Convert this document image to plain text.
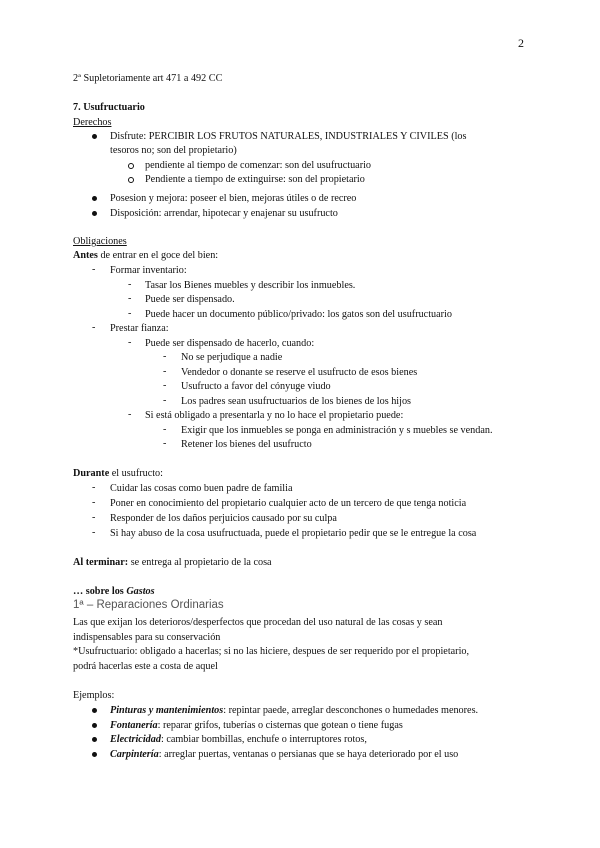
2
2ª Supletoriamente art 471 a 492 CC
7. Usufructuario
Derechos
Disfrute: PERCIBIR LOS FRUTOS NATURALES, INDUSTRIALES Y CIVILES (los
tesoros no; son del propietario)
pendiente al tiempo de comenzar: son del usufructuario
Pendiente a tiempo de extinguirse: son del propietario
Posesion y mejora: poseer el bien, mejoras útiles o de recreo
Disposición: arrendar, hipotecar y enajenar su usufructo
Obligaciones
Antes de entrar en el goce del bien:
- Formar inventario:
- Tasar los Bienes muebles y describir los inmuebles.
- Puede ser dispensado.
- Puede hacer un documento público/privado: los gatos son del usufructuario
- Prestar fianza:
- Puede ser dispensado de hacerlo, cuando:
- No se perjudique a nadie
- Vendedor o donante se reserve el usufructo de esos bienes
- Usufructo a favor del cónyuge viudo
- Los padres sean usufructuarios de los bienes de los hijos
- Si está obligado a presentarla y no lo hace el propietario puede:
- Exigir que los inmuebles se ponga en administración y s muebles se vendan.
- Retener los bienes del usufructo
Durante el usufructo:
- Cuidar las cosas como buen padre de familia
- Poner en conocimiento del propietario cualquier acto de un tercero de que tenga noticia
- Responder de los daños perjuicios causado por su culpa
- Si hay abuso de la cosa usufructuada, puede el propietario pedir que se le entregue la cosa
Al terminar: se entrega al propietario de la cosa
… sobre los Gastos
1ª – Reparaciones Ordinarias
Las que exijan los deterioros/desperfectos que procedan del uso natural de las cosas y sean
indispensables para su conservación
*Usufructuario: obligado a hacerlas; si no las hiciere, despues de ser requerido por el propietario,
podrá hacerlas este a costa de aquel
Ejemplos:
Pinturas y mantenimientos: repintar paede, arreglar desconchones o humedades menores.
Fontanería: reparar grifos, tuberías o cisternas que gotean o tiene fugas
Electricidad: cambiar bombillas, enchufe o interruptores rotos,
Carpintería: arreglar puertas, ventanas o persianas que se haya deteriorado por el uso
